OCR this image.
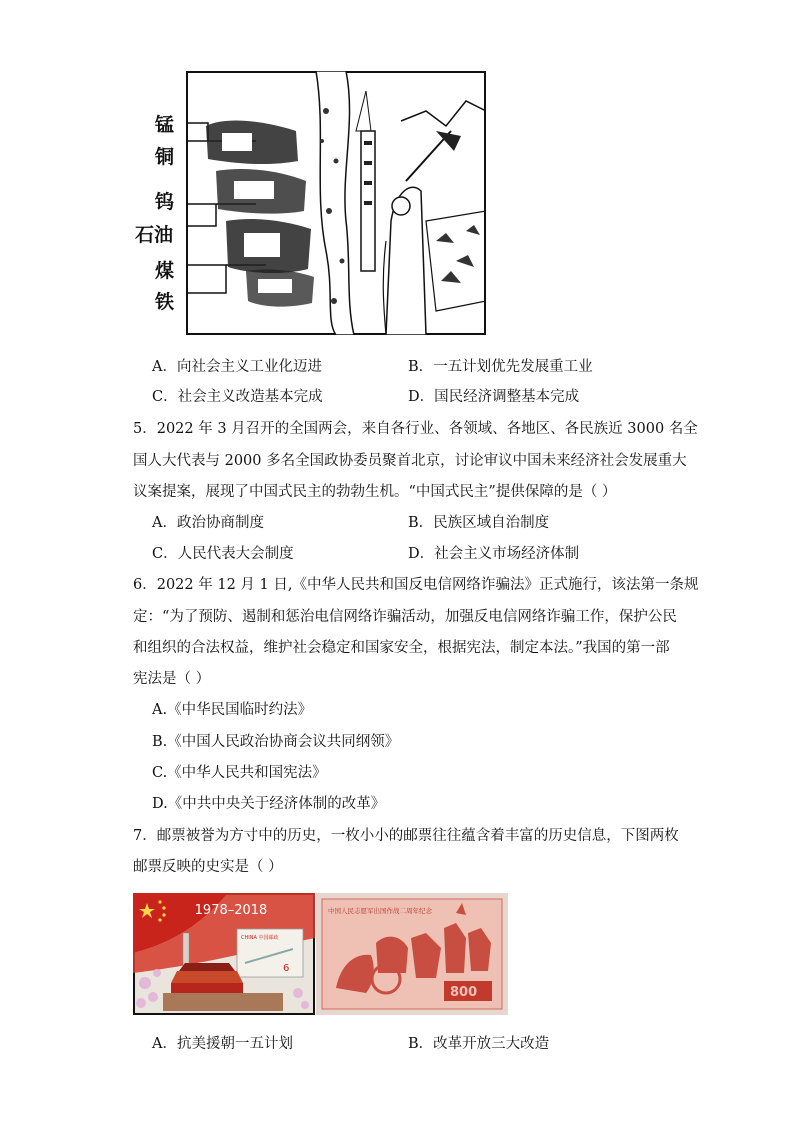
锰
铜
钨
石油
煤
铁
A．向社会主义工业化迈进	B．一五计划优先发展重工业
C．社会主义改造基本完成	D．国民经济调整基本完成
5．2022 年 3 月召开的全国两会，来自各行业、各领域、各地区、各民族近 3000 名全
国人大代表与 2000 多名全国政协委员聚首北京，讨论审议中国未来经济社会发展重大
议案提案，展现了中国式民主的勃勃生机。“中国式民主”提供保障的是（ ）
A．政治协商制度	B．民族区域自治制度
C．人民代表大会制度	D．社会主义市场经济体制
6．2022 年 12 月 1 日,《中华人民共和国反电信网络诈骗法》正式施行，该法第一条规
定：“为了预防、遏制和惩治电信网络诈骗活动，加强反电信网络诈骗工作，保护公民
和组织的合法权益，维护社会稳定和国家安全，根据宪法，制定本法。”我国的第一部
宪法是（ ）
A.《中华民国临时约法》
B.《中国人民政治协商会议共同纲领》
C.《中华人民共和国宪法》
D.《中共中央关于经济体制的改革》
7．邮票被誉为方寸中的历史，一枚小小的邮票往往蕴含着丰富的历史信息，下图两枚
邮票反映的史实是（ ）
1978–2018
CHINA 中国邮政
6
中国人民志愿军出国作战二周年纪念
800
A．抗美援朝一五计划	B．改革开放三大改造
